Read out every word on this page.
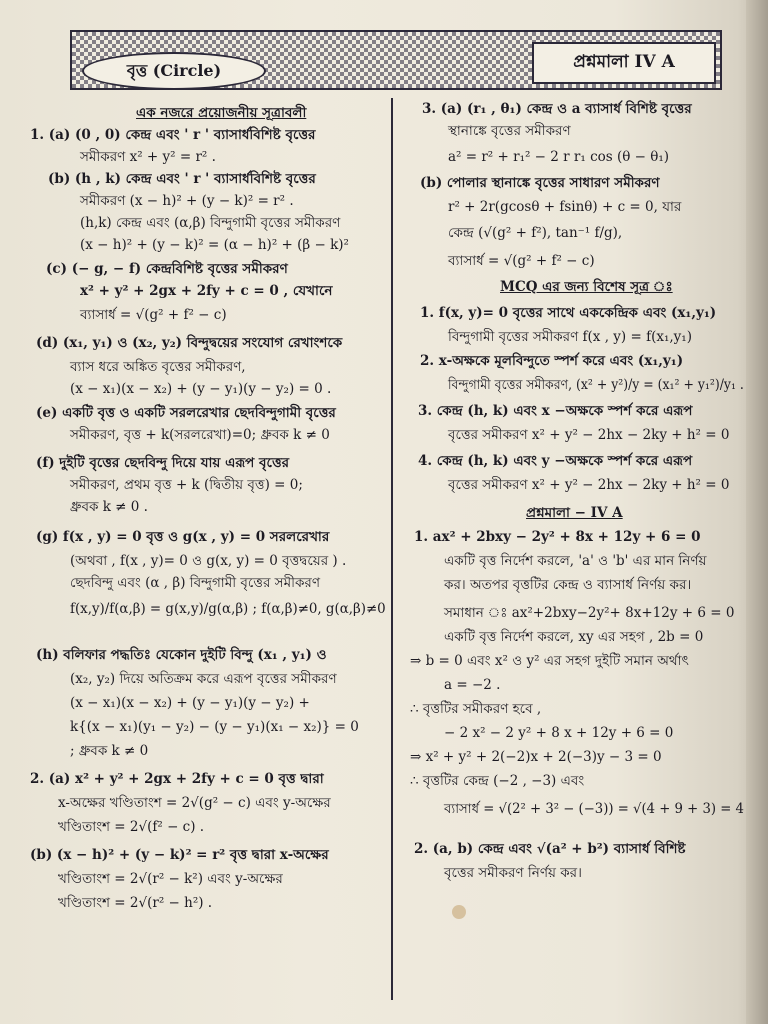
বৃত্ত (Circle)	প্রশ্নমালা IV A
এক নজরে প্রয়োজনীয় সূত্রাবলী
1. (a) (0 , 0) কেন্দ্র এবং ' r ' ব্যাসার্ধবিশিষ্ট বৃত্তের
সমীকরণ x² + y² = r² .
(b) (h , k) কেন্দ্র এবং ' r ' ব্যাসার্ধবিশিষ্ট বৃত্তের
সমীকরণ (x − h)² + (y − k)² = r² .
(h,k) কেন্দ্র এবং (α,β) বিন্দুগামী বৃত্তের সমীকরণ
(x − h)² + (y − k)² = (α − h)² + (β − k)²
(c) (− g, − f) কেন্দ্রবিশিষ্ট বৃত্তের সমীকরণ
x² + y² + 2gx + 2fy + c = 0 , যেখানে
ব্যাসার্ধ = √(g² + f² − c)
(d) (x₁, y₁) ও (x₂, y₂) বিন্দুদ্বয়ের সংযোগ রেখাংশকে
ব্যাস ধরে অঙ্কিত বৃত্তের সমীকরণ,
(x − x₁)(x − x₂) + (y − y₁)(y − y₂) = 0 .
(e) একটি বৃত্ত ও একটি সরলরেখার ছেদবিন্দুগামী বৃত্তের
সমীকরণ, বৃত্ত + k(সরলরেখা)=0; ধ্রুবক k ≠ 0
(f) দুইটি বৃত্তের ছেদবিন্দু দিয়ে যায় এরূপ বৃত্তের
সমীকরণ, প্রথম বৃত্ত + k (দ্বিতীয় বৃত্ত) = 0;
ধ্রুবক k ≠ 0 .
(g) f(x , y) = 0 বৃত্ত ও g(x , y) = 0 সরলরেখার
(অথবা , f(x , y)= 0 ও g(x, y) = 0 বৃত্তদ্বয়ের ) .
ছেদবিন্দু এবং (α , β) বিন্দুগামী বৃত্তের সমীকরণ
f(x,y)/f(α,β) = g(x,y)/g(α,β) ; f(α,β)≠0, g(α,β)≠0
(h) বলিফার পদ্ধতিঃ যেকোন দুইটি বিন্দু (x₁ , y₁) ও
(x₂, y₂) দিয়ে অতিক্রম করে এরূপ বৃত্তের সমীকরণ
(x − x₁)(x − x₂) + (y − y₁)(y − y₂) +
k{(x − x₁)(y₁ − y₂) − (y − y₁)(x₁ − x₂)} = 0
; ধ্রুবক k ≠ 0
2. (a) x² + y² + 2gx + 2fy + c = 0 বৃত্ত দ্বারা
x-অক্ষের খণ্ডিতাংশ = 2√(g² − c) এবং y-অক্ষের
খণ্ডিতাংশ = 2√(f² − c) .
(b) (x − h)² + (y − k)² = r² বৃত্ত দ্বারা x-অক্ষের
খণ্ডিতাংশ = 2√(r² − k²) এবং y-অক্ষের
খণ্ডিতাংশ = 2√(r² − h²) .
3. (a) (r₁ , θ₁) কেন্দ্র ও a ব্যাসার্ধ বিশিষ্ট বৃত্তের
স্থানাঙ্কে বৃত্তের সমীকরণ
a² = r² + r₁² − 2 r r₁ cos (θ − θ₁)
(b) পোলার স্থানাঙ্কে বৃত্তের সাধারণ সমীকরণ
r² + 2r(gcosθ + fsinθ) + c = 0, যার
কেন্দ্র (√(g² + f²), tan⁻¹ f/g),
ব্যাসার্ধ = √(g² + f² − c)
MCQ এর জন্য বিশেষ সূত্র ঃ
1. f(x, y)= 0 বৃত্তের সাথে এককেন্দ্রিক এবং (x₁,y₁)
বিন্দুগামী বৃত্তের সমীকরণ f(x , y) = f(x₁,y₁)
2. x-অক্ষকে মূলবিন্দুতে স্পর্শ করে এবং (x₁,y₁)
বিন্দুগামী বৃত্তের সমীকরণ, (x² + y²)/y = (x₁² + y₁²)/y₁ .
3. কেন্দ্র (h, k) এবং x −অক্ষকে স্পর্শ করে এরূপ
বৃত্তের সমীকরণ x² + y² − 2hx − 2ky + h² = 0
4. কেন্দ্র (h, k) এবং y −অক্ষকে স্পর্শ করে এরূপ
বৃত্তের সমীকরণ x² + y² − 2hx − 2ky + h² = 0
প্রশ্নমালা − IV A
1. ax² + 2bxy − 2y² + 8x + 12y + 6 = 0
একটি বৃত্ত নির্দেশ করলে, 'a' ও 'b' এর মান নির্ণয়
কর। অতপর বৃত্তটির কেন্দ্র ও ব্যাসার্ধ নির্ণয় কর।
সমাধান ঃ ax²+2bxy−2y²+ 8x+12y + 6 = 0
একটি বৃত্ত নির্দেশ করলে, xy এর সহগ , 2b = 0
⇒ b = 0 এবং x² ও y² এর সহগ দুইটি সমান অর্থাৎ
a = −2 .
∴ বৃত্তটির সমীকরণ হবে ,
− 2 x² − 2 y² + 8 x + 12y + 6 = 0
⇒ x² + y² + 2(−2)x + 2(−3)y − 3 = 0
∴ বৃত্তটির কেন্দ্র (−2 , −3) এবং
ব্যাসার্ধ = √(2² + 3² − (−3)) = √(4 + 9 + 3) = 4
2. (a, b) কেন্দ্র এবং √(a² + b²) ব্যাসার্ধ বিশিষ্ট
বৃত্তের সমীকরণ নির্ণয় কর।
